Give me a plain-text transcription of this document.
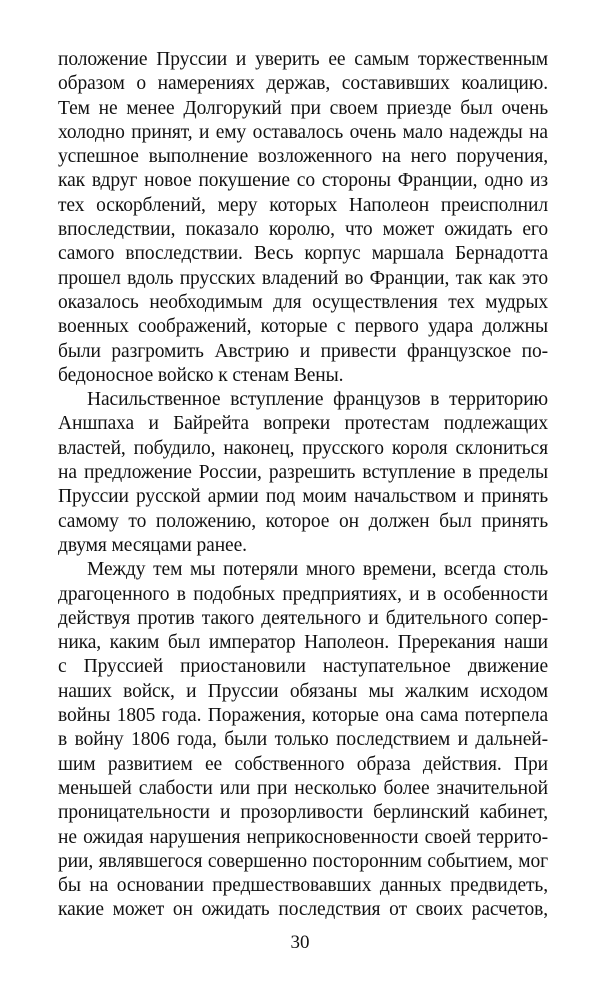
положение Пруссии и уверить ее самым торжественным
образом о намерениях держав, составивших коалицию.
Тем не менее Долгорукий при своем приезде был очень
холодно принят, и ему оставалось очень мало надежды на
успешное выполнение возложенного на него поручения,
как вдруг новое покушение со стороны Франции, одно из
тех оскорблений, меру которых Наполеон преисполнил
впоследствии, показало королю, что может ожидать его
самого впоследствии. Весь корпус маршала Бернадотта
прошел вдоль прусских владений во Франции, так как это
оказалось необходимым для осуществления тех мудрых
военных соображений, которые с первого удара должны
были разгромить Австрию и привести французское по-
бедоносное войско к стенам Вены.
Насильственное вступление французов в территорию
Аншпаха и Байрейта вопреки протестам подлежащих
властей, побудило, наконец, прусского короля склониться
на предложение России, разрешить вступление в пределы
Пруссии русской армии под моим начальством и принять
самому то положению, которое он должен был принять
двумя месяцами ранее.
Между тем мы потеряли много времени, всегда столь
драгоценного в подобных предприятиях, и в особенности
действуя против такого деятельного и бдительного сопер-
ника, каким был император Наполеон. Пререкания наши
с Пруссией приостановили наступательное движение
наших войск, и Пруссии обязаны мы жалким исходом
войны 1805 года. Поражения, которые она сама потерпела
в войну 1806 года, были только последствием и дальней-
шим развитием ее собственного образа действия. При
меньшей слабости или при несколько более значительной
проницательности и прозорливости берлинский кабинет,
не ожидая нарушения неприкосновенности своей террито-
рии, являвшегося совершенно посторонним событием, мог
бы на основании предшествовавших данных предвидеть,
какие может он ожидать последствия от своих расчетов,
30
